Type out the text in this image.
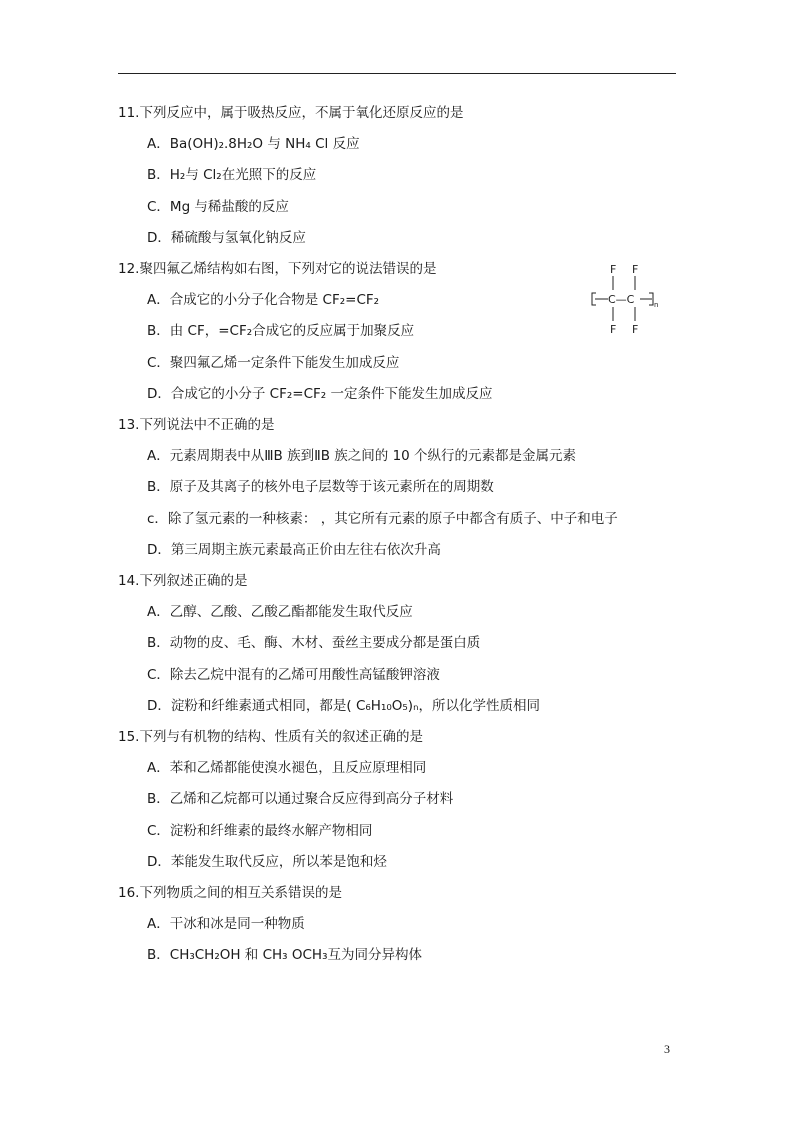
11.下列反应中，属于吸热反应，不属于氧化还原反应的是
A．Ba(OH)₂.8H₂O 与 NH₄ Cl 反应
B．H₂与 Cl₂在光照下的反应
C．Mg 与稀盐酸的反应
D．稀硫酸与氢氧化钠反应
12.聚四氟乙烯结构如右图，下列对它的说法错误的是
A．合成它的小分子化合物是 CF₂=CF₂
B．由 CF，=CF₂合成它的反应属于加聚反应
C．聚四氟乙烯一定条件下能发生加成反应
D．合成它的小分子 CF₂=CF₂ 一定条件下能发生加成反应
F F
C—C	n
F F
13.下列说法中不正确的是
A．元素周期表中从ⅢB 族到ⅡB 族之间的 10 个纵行的元素都是金属元素
B．原子及其离子的核外电子层数等于该元素所在的周期数
c．除了氢元素的一种核素： ，其它所有元素的原子中都含有质子、中子和电子
D．第三周期主族元素最高正价由左往右依次升高
14.下列叙述正确的是
A．乙醇、乙酸、乙酸乙酯都能发生取代反应
B．动物的皮、毛、酶、木材、蚕丝主要成分都是蛋白质
C．除去乙烷中混有的乙烯可用酸性高锰酸钾溶液
D．淀粉和纤维素通式相同，都是( C₆H₁₀O₅)ₙ，所以化学性质相同
15.下列与有机物的结构、性质有关的叙述正确的是
A．苯和乙烯都能使溴水褪色，且反应原理相同
B．乙烯和乙烷都可以通过聚合反应得到高分子材料
C．淀粉和纤维素的最终水解产物相同
D．苯能发生取代反应，所以苯是饱和烃
16.下列物质之间的相互关系错误的是
A．干冰和冰是同一种物质
B．CH₃CH₂OH 和 CH₃ OCH₃互为同分异构体
3
